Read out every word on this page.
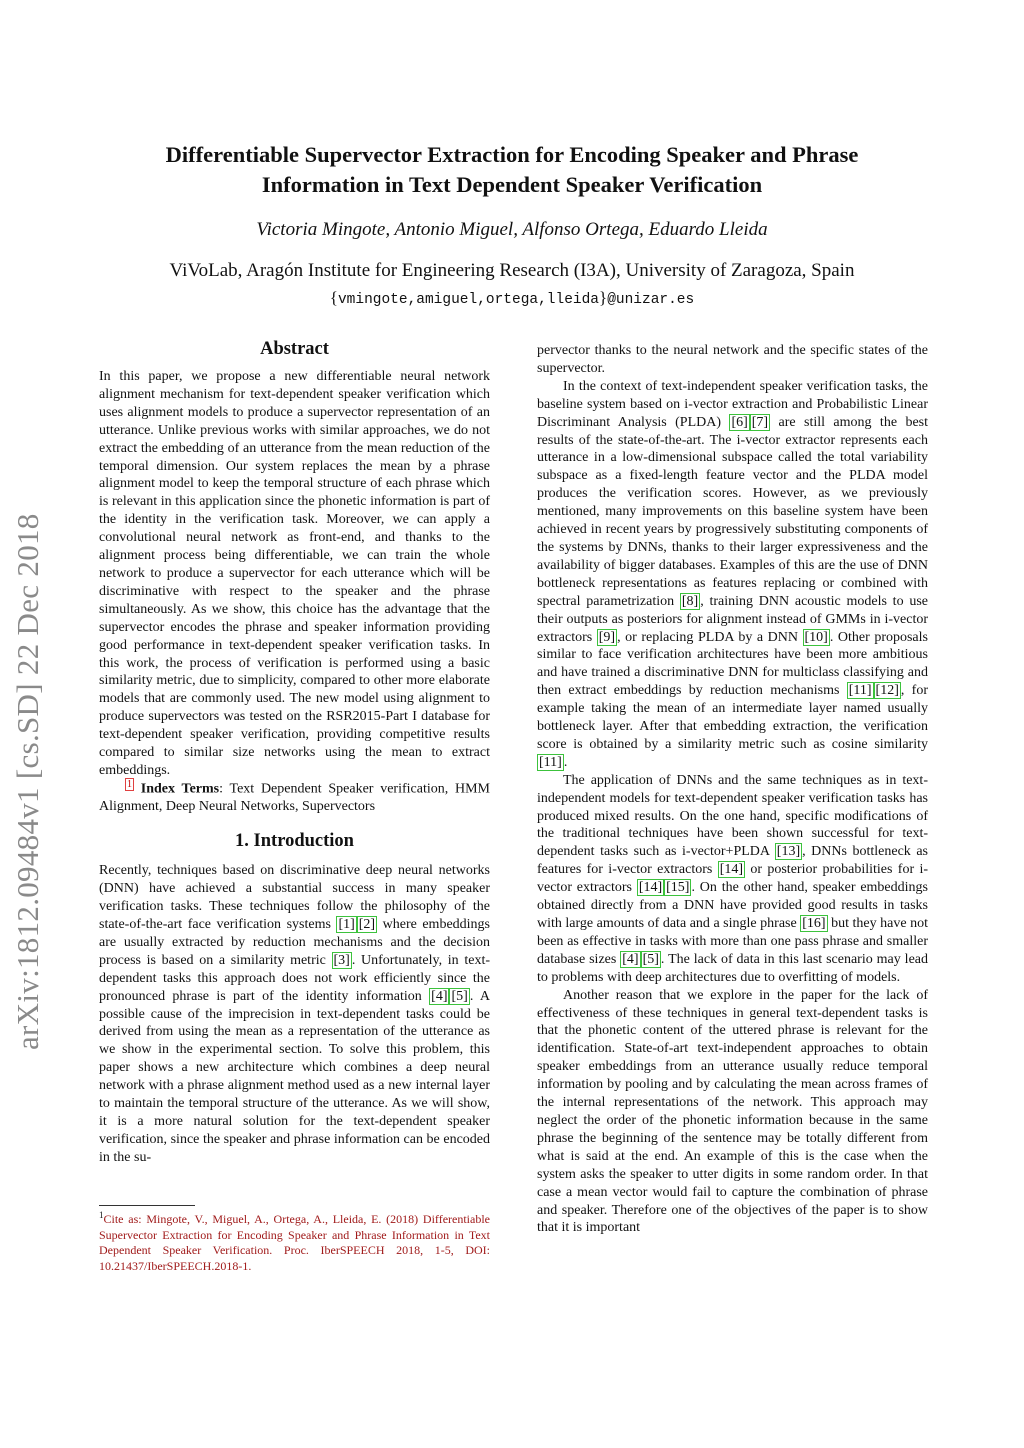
arXiv:1812.09484v1 [cs.SD] 22 Dec 2018
Differentiable Supervector Extraction for Encoding Speaker and Phrase
Information in Text Dependent Speaker Verification
Victoria Mingote, Antonio Miguel, Alfonso Ortega, Eduardo Lleida
ViVoLab, Aragón Institute for Engineering Research (I3A), University of Zaragoza, Spain
{vmingote,amiguel,ortega,lleida}@unizar.es
Abstract

In this paper, we propose a new differentiable neural network alignment mechanism for text-dependent speaker verification which uses alignment models to produce a supervector representation of an utterance. Unlike previous works with similar approaches, we do not extract the embedding of an utterance from the mean reduction of the temporal dimension. Our system replaces the mean by a phrase alignment model to keep the temporal structure of each phrase which is relevant in this application since the phonetic information is part of the identity in the verification task. Moreover, we can apply a convolutional neural network as front-end, and thanks to the alignment process being differentiable, we can train the whole network to produce a supervector for each utterance which will be discriminative with respect to the speaker and the phrase simultaneously. As we show, this choice has the advantage that the supervector encodes the phrase and speaker information providing good performance in text-dependent speaker verification tasks. In this work, the process of verification is performed using a basic similarity metric, due to simplicity, compared to other more elaborate models that are commonly used. The new model using alignment to produce supervectors was tested on the RSR2015-Part I database for text-dependent speaker verification, providing competitive results compared to similar size networks using the mean to extract embeddings.

$^1$ Index Terms: Text Dependent Speaker verification, HMM Alignment, Deep Neural Networks, Supervectors

1. Introduction

Recently, techniques based on discriminative deep neural networks (DNN) have achieved a substantial success in many speaker verification tasks. These techniques follow the philosophy of the state-of-the-art face verification systems [1] [2] where embeddings are usually extracted by reduction mechanisms and the decision process is based on a similarity metric [3] . Unfortunately, in text-dependent tasks this approach does not work efficiently since the pronounced phrase is part of the identity information [4] [5] . A possible cause of the imprecision in text-dependent tasks could be derived from using the mean as a representation of the utterance as we show in the experimental section. To solve this problem, this paper shows a new architecture which combines a deep neural network with a phrase alignment method used as a new internal layer to maintain the temporal structure of the utterance. As we will show, it is a more natural solution for the text-dependent speaker verification, since the speaker and phrase information can be encoded in the su-

$^1$Cite as: Mingote, V., Miguel, A., Ortega, A., Lleida, E. (2018) Differentiable Supervector Extraction for Encoding Speaker and Phrase Information in Text Dependent Speaker Verification. Proc. IberSPEECH 2018, 1-5, DOI: 10.21437/IberSPEECH.2018-1.

pervector thanks to the neural network and the specific states of the supervector.

In the context of text-independent speaker verification tasks, the baseline system based on i-vector extraction and Probabilistic Linear Discriminant Analysis (PLDA) [6] [7] are still among the best results of the state-of-the-art. The i-vector extractor represents each utterance in a low-dimensional subspace called the total variability subspace as a fixed-length feature vector and the PLDA model produces the verification scores. However, as we previously mentioned, many improvements on this baseline system have been achieved in recent years by progressively substituting components of the systems by DNNs, thanks to their larger expressiveness and the availability of bigger databases. Examples of this are the use of DNN bottleneck representations as features replacing or combined with spectral parametrization [8] , training DNN acoustic models to use their outputs as posteriors for alignment instead of GMMs in i-vector extractors [9] , or replacing PLDA by a DNN [10] . Other proposals similar to face verification architectures have been more ambitious and have trained a discriminative DNN for multiclass classifying and then extract embeddings by reduction mechanisms [11] [12] , for example taking the mean of an intermediate layer named usually bottleneck layer. After that embedding extraction, the verification score is obtained by a similarity metric such as cosine similarity [11] .

The application of DNNs and the same techniques as in text-independent models for text-dependent speaker verification tasks has produced mixed results. On the one hand, specific modifications of the traditional techniques have been shown successful for text-dependent tasks such as i-vector+PLDA [13] , DNNs bottleneck as features for i-vector extractors [14] or posterior probabilities for i-vector extractors [14] [15] . On the other hand, speaker embeddings obtained directly from a DNN have provided good results in tasks with large amounts of data and a single phrase [16] but they have not been as effective in tasks with more than one pass phrase and smaller database sizes [4] [5] . The lack of data in this last scenario may lead to problems with deep architectures due to overfitting of models.

Another reason that we explore in the paper for the lack of effectiveness of these techniques in general text-dependent tasks is that the phonetic content of the uttered phrase is relevant for the identification. State-of-art text-independent approaches to obtain speaker embeddings from an utterance usually reduce temporal information by pooling and by calculating the mean across frames of the internal representations of the network. This approach may neglect the order of the phonetic information because in the same phrase the beginning of the sentence may be totally different from what is said at the end. An example of this is the case when the system asks the speaker to utter digits in some random order. In that case a mean vector would fail to capture the combination of phrase and speaker. Therefore one of the objectives of the paper is to show that it is important
